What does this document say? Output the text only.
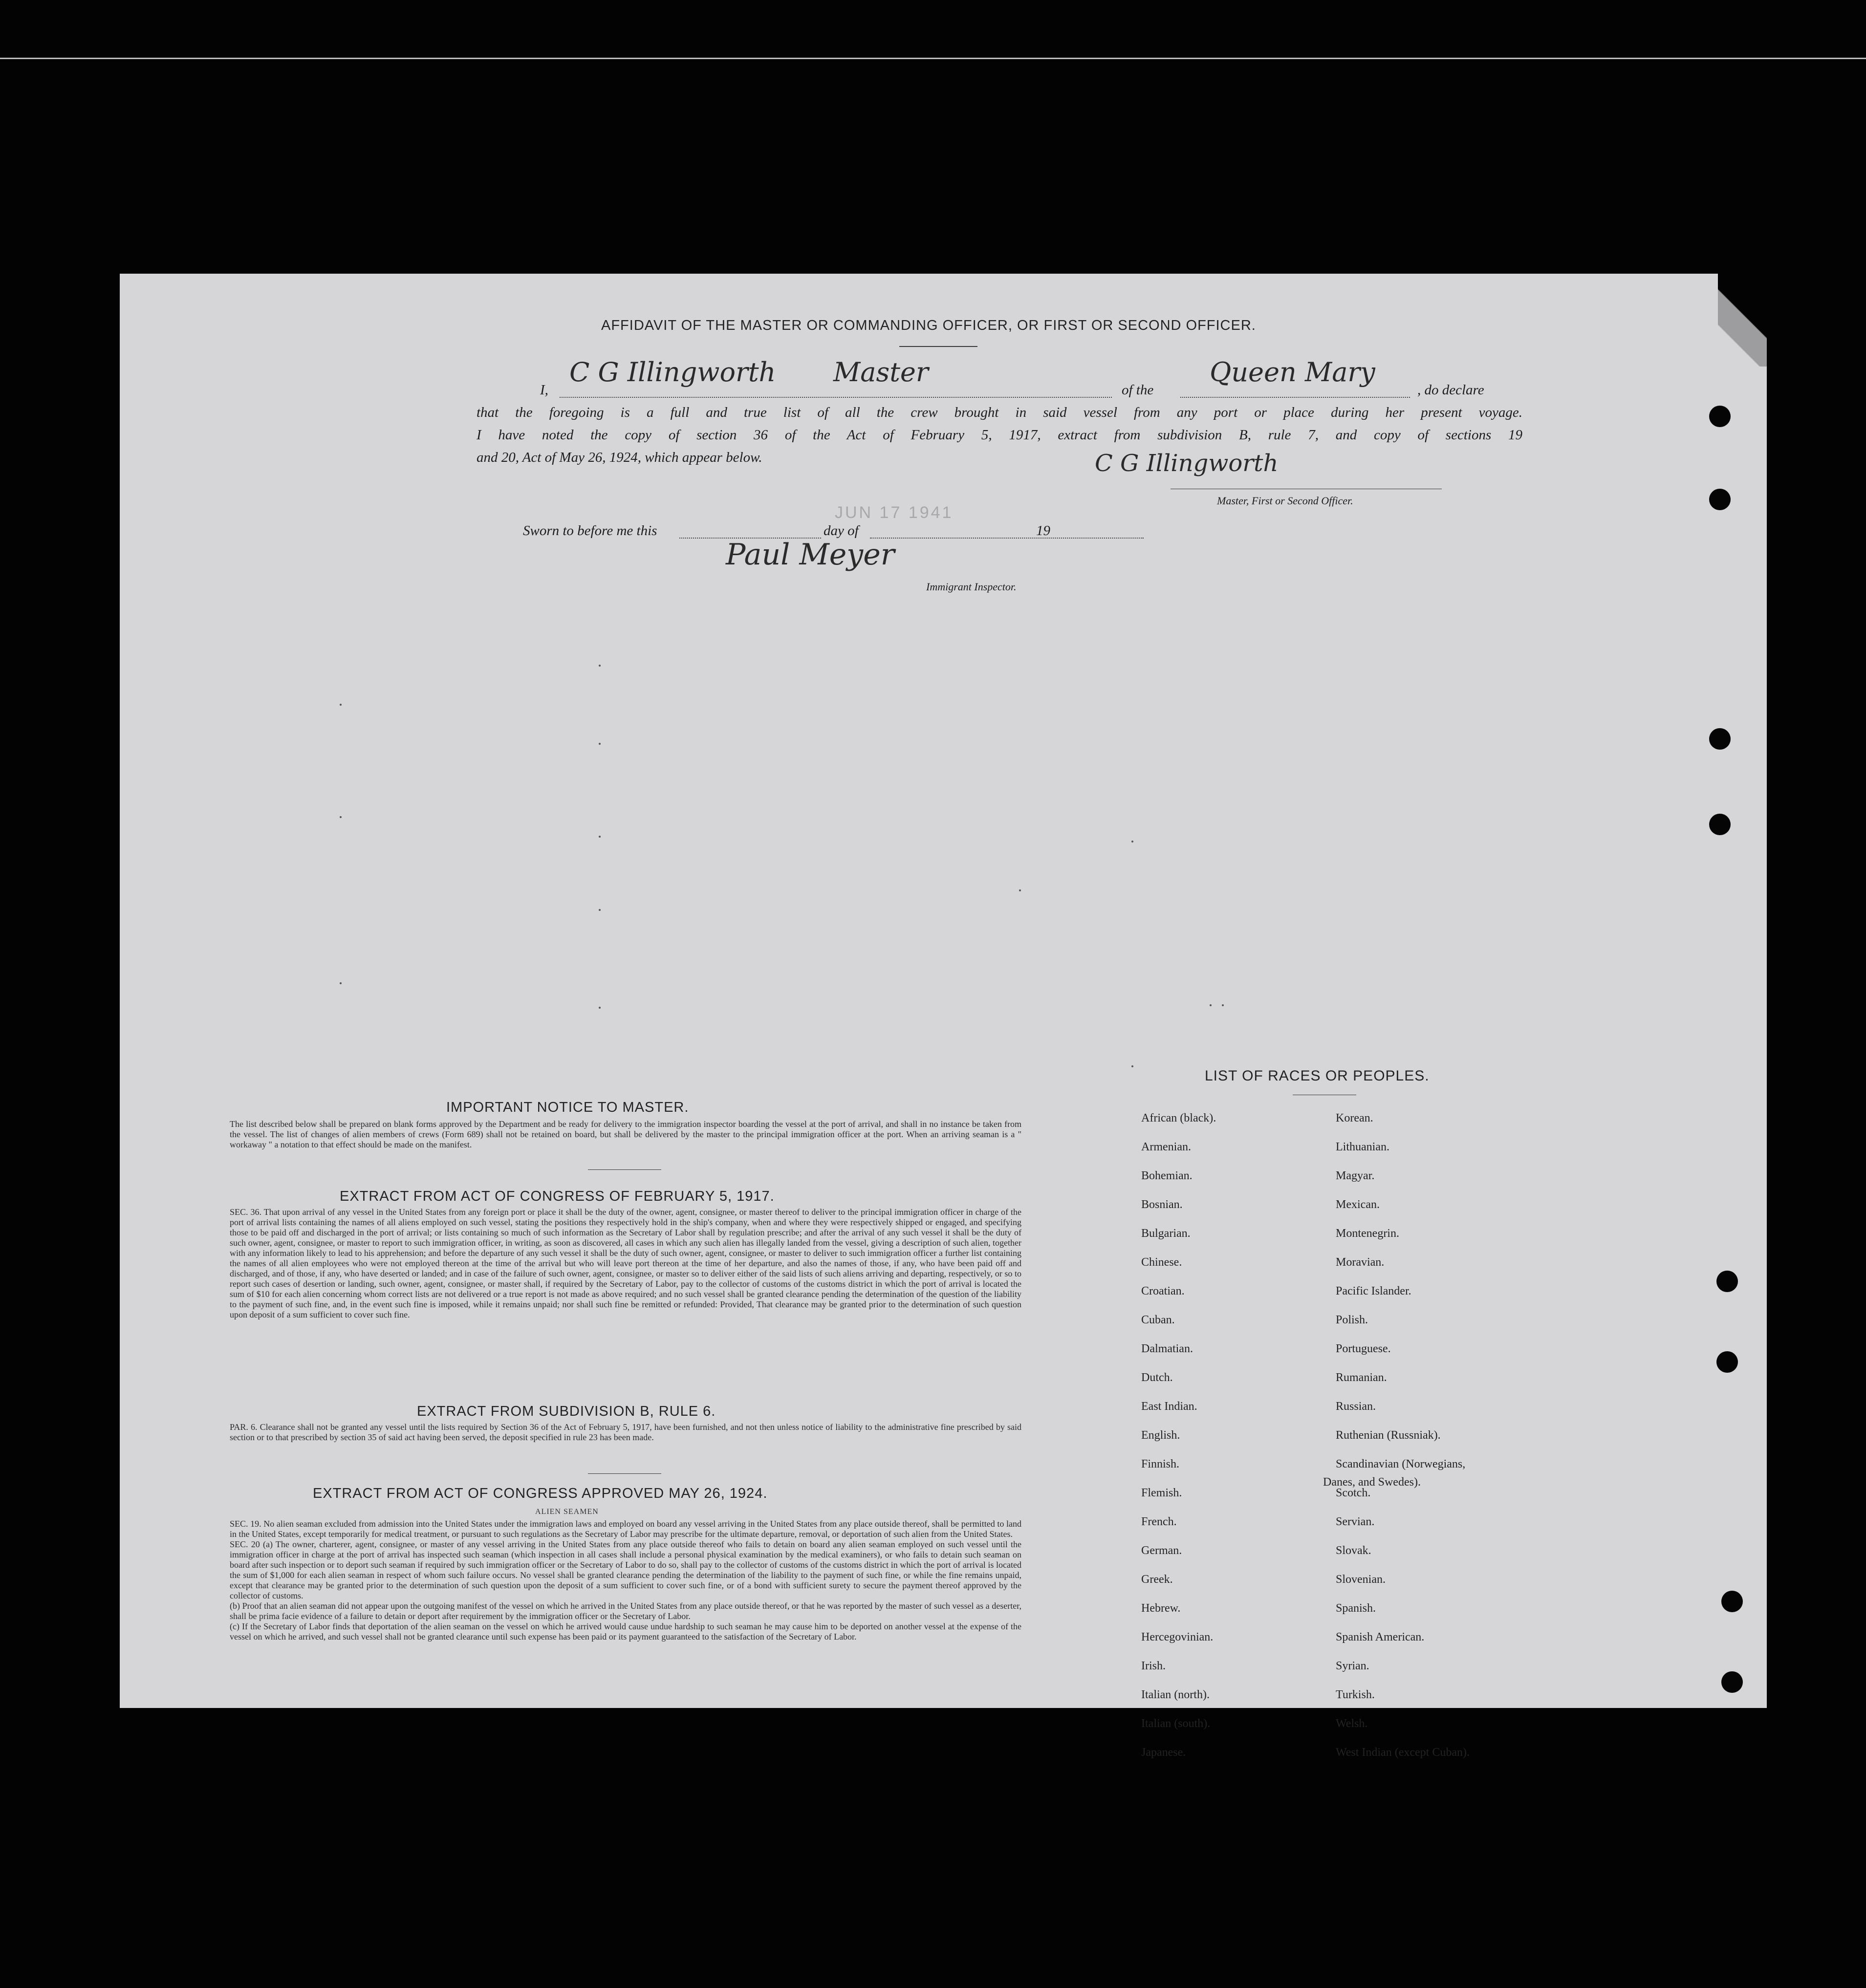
AFFIDAVIT OF THE MASTER OR COMMANDING OFFICER, OR FIRST OR SECOND OFFICER.
I,
C G Illingworth Master
of the
Queen Mary
, do declare
that the foregoing is a full and true list of all the crew brought in said vessel from any port or place during her present voyage.
I have noted the copy of section 36 of the Act of February 5, 1917, extract from subdivision B, rule 7, and copy of sections 19
and 20, Act of May 26, 1924, which appear below.	C G Illingworth
Master, First or Second Officer.
JUN 17 1941
Sworn to before me this	day of	19
Paul Meyer
Immigrant Inspector.
IMPORTANT NOTICE TO MASTER.
The list described below shall be prepared on blank forms approved by the Department and be ready for delivery to the immigration inspector boarding the vessel at the port of arrival, and shall in no instance be taken from the vessel. The list of changes of alien members of crews (Form 689) shall not be retained on board, but shall be delivered by the master to the principal immigration officer at the port. When an arriving seaman is a " workaway " a notation to that effect should be made on the manifest.
EXTRACT FROM ACT OF CONGRESS OF FEBRUARY 5, 1917.
SEC. 36. That upon arrival of any vessel in the United States from any foreign port or place it shall be the duty of the owner, agent, consignee, or master thereof to deliver to the principal immigration officer in charge of the port of arrival lists containing the names of all aliens employed on such vessel, stating the positions they respectively hold in the ship's company, when and where they were respectively shipped or engaged, and specifying those to be paid off and discharged in the port of arrival; or lists containing so much of such information as the Secretary of Labor shall by regulation prescribe; and after the arrival of any such vessel it shall be the duty of such owner, agent, consignee, or master to report to such immigration officer, in writing, as soon as discovered, all cases in which any such alien has illegally landed from the vessel, giving a description of such alien, together with any information likely to lead to his apprehension; and before the departure of any such vessel it shall be the duty of such owner, agent, consignee, or master to deliver to such immigration officer a further list containing the names of all alien employees who were not employed thereon at the time of the arrival but who will leave port thereon at the time of her departure, and also the names of those, if any, who have been paid off and discharged, and of those, if any, who have deserted or landed; and in case of the failure of such owner, agent, consignee, or master so to deliver either of the said lists of such aliens arriving and departing, respectively, or so to report such cases of desertion or landing, such owner, agent, consignee, or master shall, if required by the Secretary of Labor, pay to the collector of customs of the customs district in which the port of arrival is located the sum of $10 for each alien concerning whom correct lists are not delivered or a true report is not made as above required; and no such vessel shall be granted clearance pending the determination of the question of the liability to the payment of such fine, and, in the event such fine is imposed, while it remains unpaid; nor shall such fine be remitted or refunded: Provided, That clearance may be granted prior to the determination of such question upon deposit of a sum sufficient to cover such fine.
EXTRACT FROM SUBDIVISION B, RULE 6.
PAR. 6. Clearance shall not be granted any vessel until the lists required by Section 36 of the Act of February 5, 1917, have been furnished, and not then unless notice of liability to the administrative fine prescribed by said section or to that prescribed by section 35 of said act having been served, the deposit specified in rule 23 has been made.
EXTRACT FROM ACT OF CONGRESS APPROVED MAY 26, 1924.
ALIEN SEAMEN
SEC. 19. No alien seaman excluded from admission into the United States under the immigration laws and employed on board any vessel arriving in the United States from any place outside thereof, shall be permitted to land in the United States, except temporarily for medical treatment, or pursuant to such regulations as the Secretary of Labor may prescribe for the ultimate departure, removal, or deportation of such alien from the United States.
SEC. 20 (a) The owner, charterer, agent, consignee, or master of any vessel arriving in the United States from any place outside thereof who fails to detain on board any alien seaman employed on such vessel until the immigration officer in charge at the port of arrival has inspected such seaman (which inspection in all cases shall include a personal physical examination by the medical examiners), or who fails to detain such seaman on board after such inspection or to deport such seaman if required by such immigration officer or the Secretary of Labor to do so, shall pay to the collector of customs of the customs district in which the port of arrival is located the sum of $1,000 for each alien seaman in respect of whom such failure occurs. No vessel shall be granted clearance pending the determination of the liability to the payment of such fine, or while the fine remains unpaid, except that clearance may be granted prior to the determination of such question upon the deposit of a sum sufficient to cover such fine, or of a bond with sufficient surety to secure the payment thereof approved by the collector of customs.
(b) Proof that an alien seaman did not appear upon the outgoing manifest of the vessel on which he arrived in the United States from any place outside thereof, or that he was reported by the master of such vessel as a deserter, shall be prima facie evidence of a failure to detain or deport after requirement by the immigration officer or the Secretary of Labor.
(c) If the Secretary of Labor finds that deportation of the alien seaman on the vessel on which he arrived would cause undue hardship to such seaman he may cause him to be deported on another vessel at the expense of the vessel on which he arrived, and such vessel shall not be granted clearance until such expense has been paid or its payment guaranteed to the satisfaction of the Secretary of Labor.
LIST OF RACES OR PEOPLES.
African (black).
Armenian.
Bohemian.
Bosnian.
Bulgarian.
Chinese.
Croatian.
Cuban.
Dalmatian.
Dutch.
East Indian.
English.
Finnish.
Flemish.
French.
German.
Greek.
Hebrew.
Hercegovinian.
Irish.
Italian (north).
Italian (south).
Japanese.
Korean.
Lithuanian.
Magyar.
Mexican.
Montenegrin.
Moravian.
Pacific Islander.
Polish.
Portuguese.
Rumanian.
Russian.
Ruthenian (Russniak).
Scandinavian (Norwegians,
Scotch.
Servian.
Slovak.
Slovenian.
Spanish.
Spanish American.
Syrian.
Turkish.
Welsh.
West Indian (except Cuban).
Danes, and Swedes).
